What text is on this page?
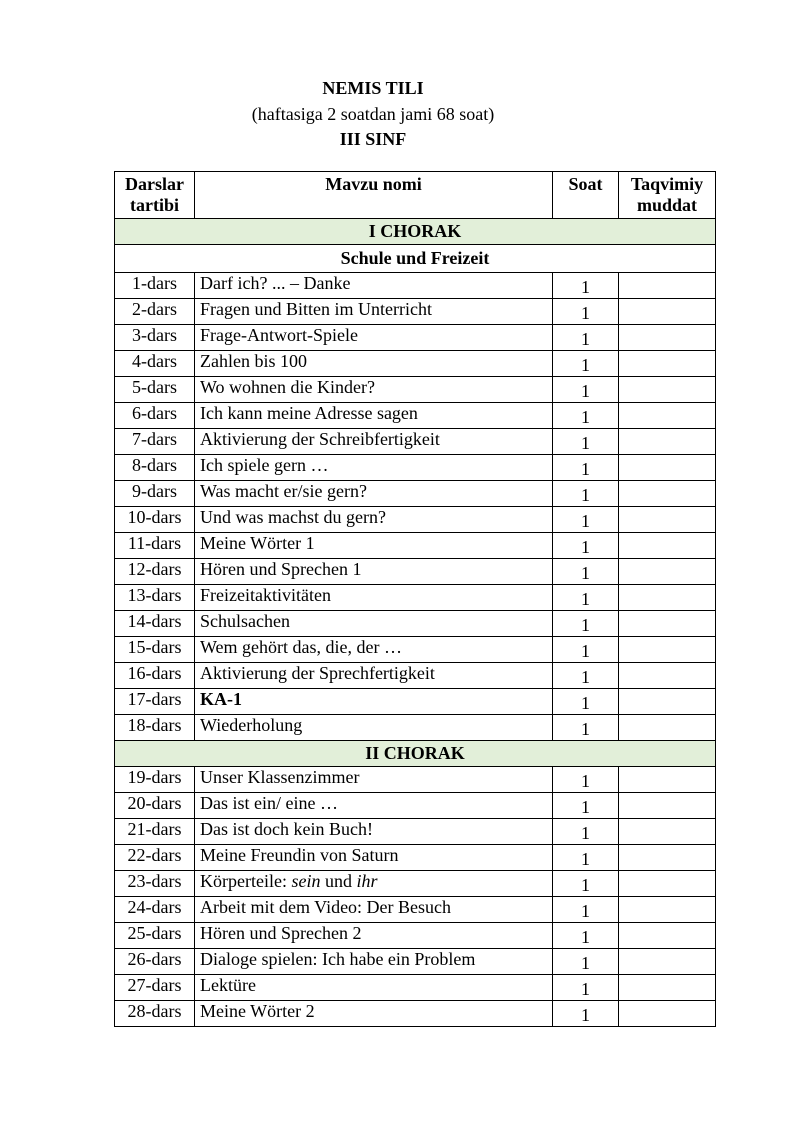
NEMIS TILI
(haftasiga 2 soatdan jami 68 soat)
III SINF
Darslar tartibi	Mavzu nomi	Soat	Taqvimiy muddat
I CHORAK			
Schule und Freizeit			
1-dars	Darf ich? ... – Danke	1	
2-dars	Fragen und Bitten im Unterricht	1	
3-dars	Frage-Antwort-Spiele	1	
4-dars	Zahlen bis 100	1	
5-dars	Wo wohnen die Kinder?	1	
6-dars	Ich kann meine Adresse sagen	1	
7-dars	Aktivierung der Schreibfertigkeit	1	
8-dars	Ich spiele gern …	1	
9-dars	Was macht er/sie gern?	1	
10-dars	Und was machst du gern?	1	
11-dars	Meine Wörter 1	1	
12-dars	Hören und Sprechen 1	1	
13-dars	Freizeitaktivitäten	1	
14-dars	Schulsachen	1	
15-dars	Wem gehört das, die, der …	1	
16-dars	Aktivierung der Sprechfertigkeit	1	
17-dars	KA-1	1	
18-dars	Wiederholung	1	
II CHORAK			
19-dars	Unser Klassenzimmer	1	
20-dars	Das ist ein/ eine …	1	
21-dars	Das ist doch kein Buch!	1	
22-dars	Meine Freundin von Saturn	1	
23-dars	Körperteile: sein und ihr	1	
24-dars	Arbeit mit dem Video: Der Besuch	1	
25-dars	Hören und Sprechen 2	1	
26-dars	Dialoge spielen: Ich habe ein Problem	1	
27-dars	Lektüre	1	
28-dars	Meine Wörter 2	1	
